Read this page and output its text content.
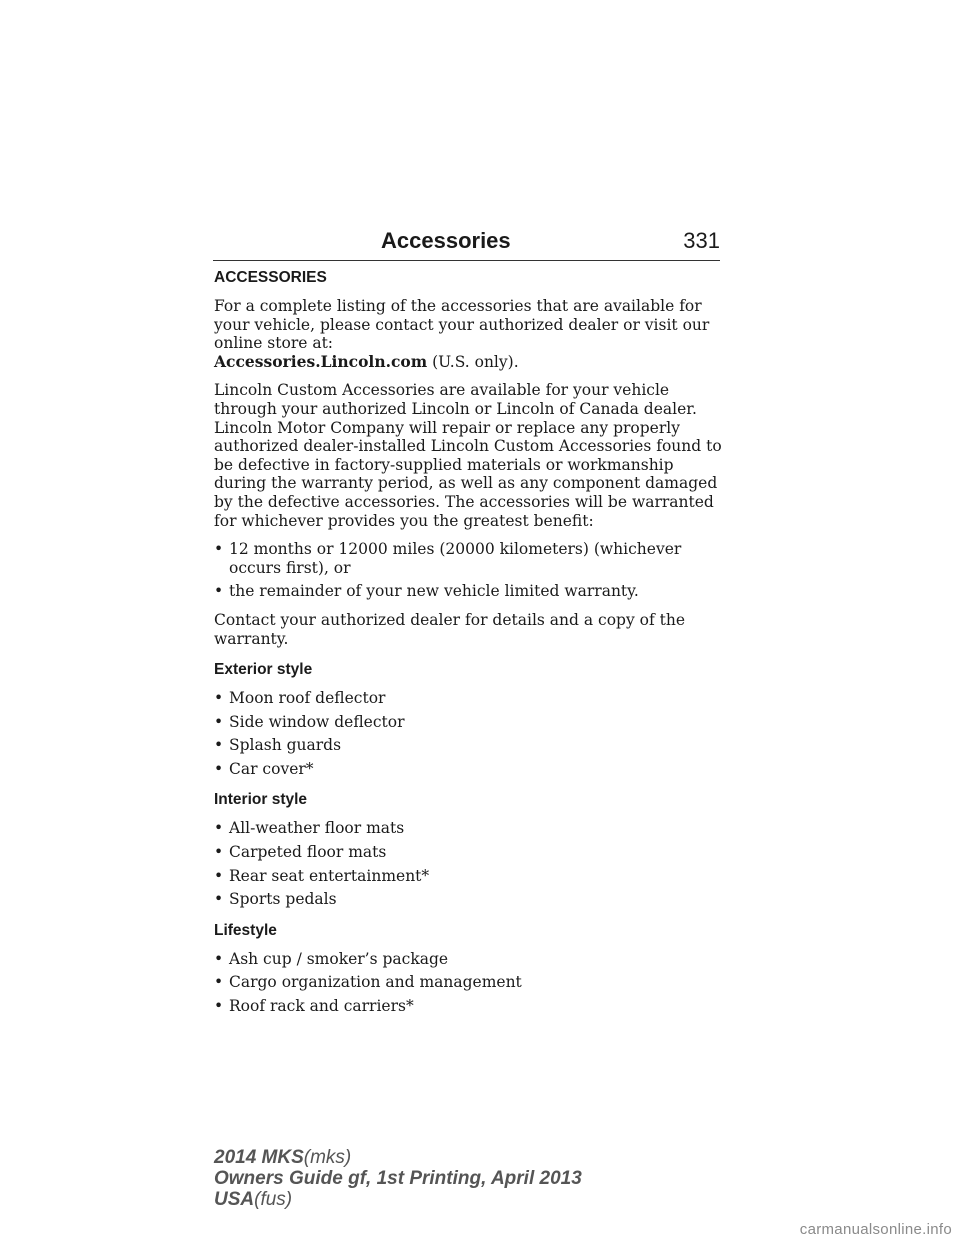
Accessories	331
ACCESSORIES

For a complete listing of the accessories that are available for your vehicle, please contact your authorized dealer or visit our online store at:
Accessories.Lincoln.com (U.S. only).

Lincoln Custom Accessories are available for your vehicle through your authorized Lincoln or Lincoln of Canada dealer. Lincoln Motor Company will repair or replace any properly authorized dealer-installed Lincoln Custom Accessories found to be defective in factory-supplied materials or workmanship during the warranty period, as well as any component damaged by the defective accessories. The accessories will be warranted for whichever provides you the greatest benefit:

• 12 months or 12000 miles (20000 kilometers) (whichever occurs first), or
• the remainder of your new vehicle limited warranty.

Contact your authorized dealer for details and a copy of the warranty.

Exterior style
• Moon roof deflector
• Side window deflector
• Splash guards
• Car cover*
Interior style
• All-weather floor mats
• Carpeted floor mats
• Rear seat entertainment*
• Sports pedals
Lifestyle
• Ash cup / smoker’s package
• Cargo organization and management
• Roof rack and carriers*
2014 MKS(mks)
Owners Guide gf, 1st Printing, April 2013
USA(fus)
carmanualsonline.info
